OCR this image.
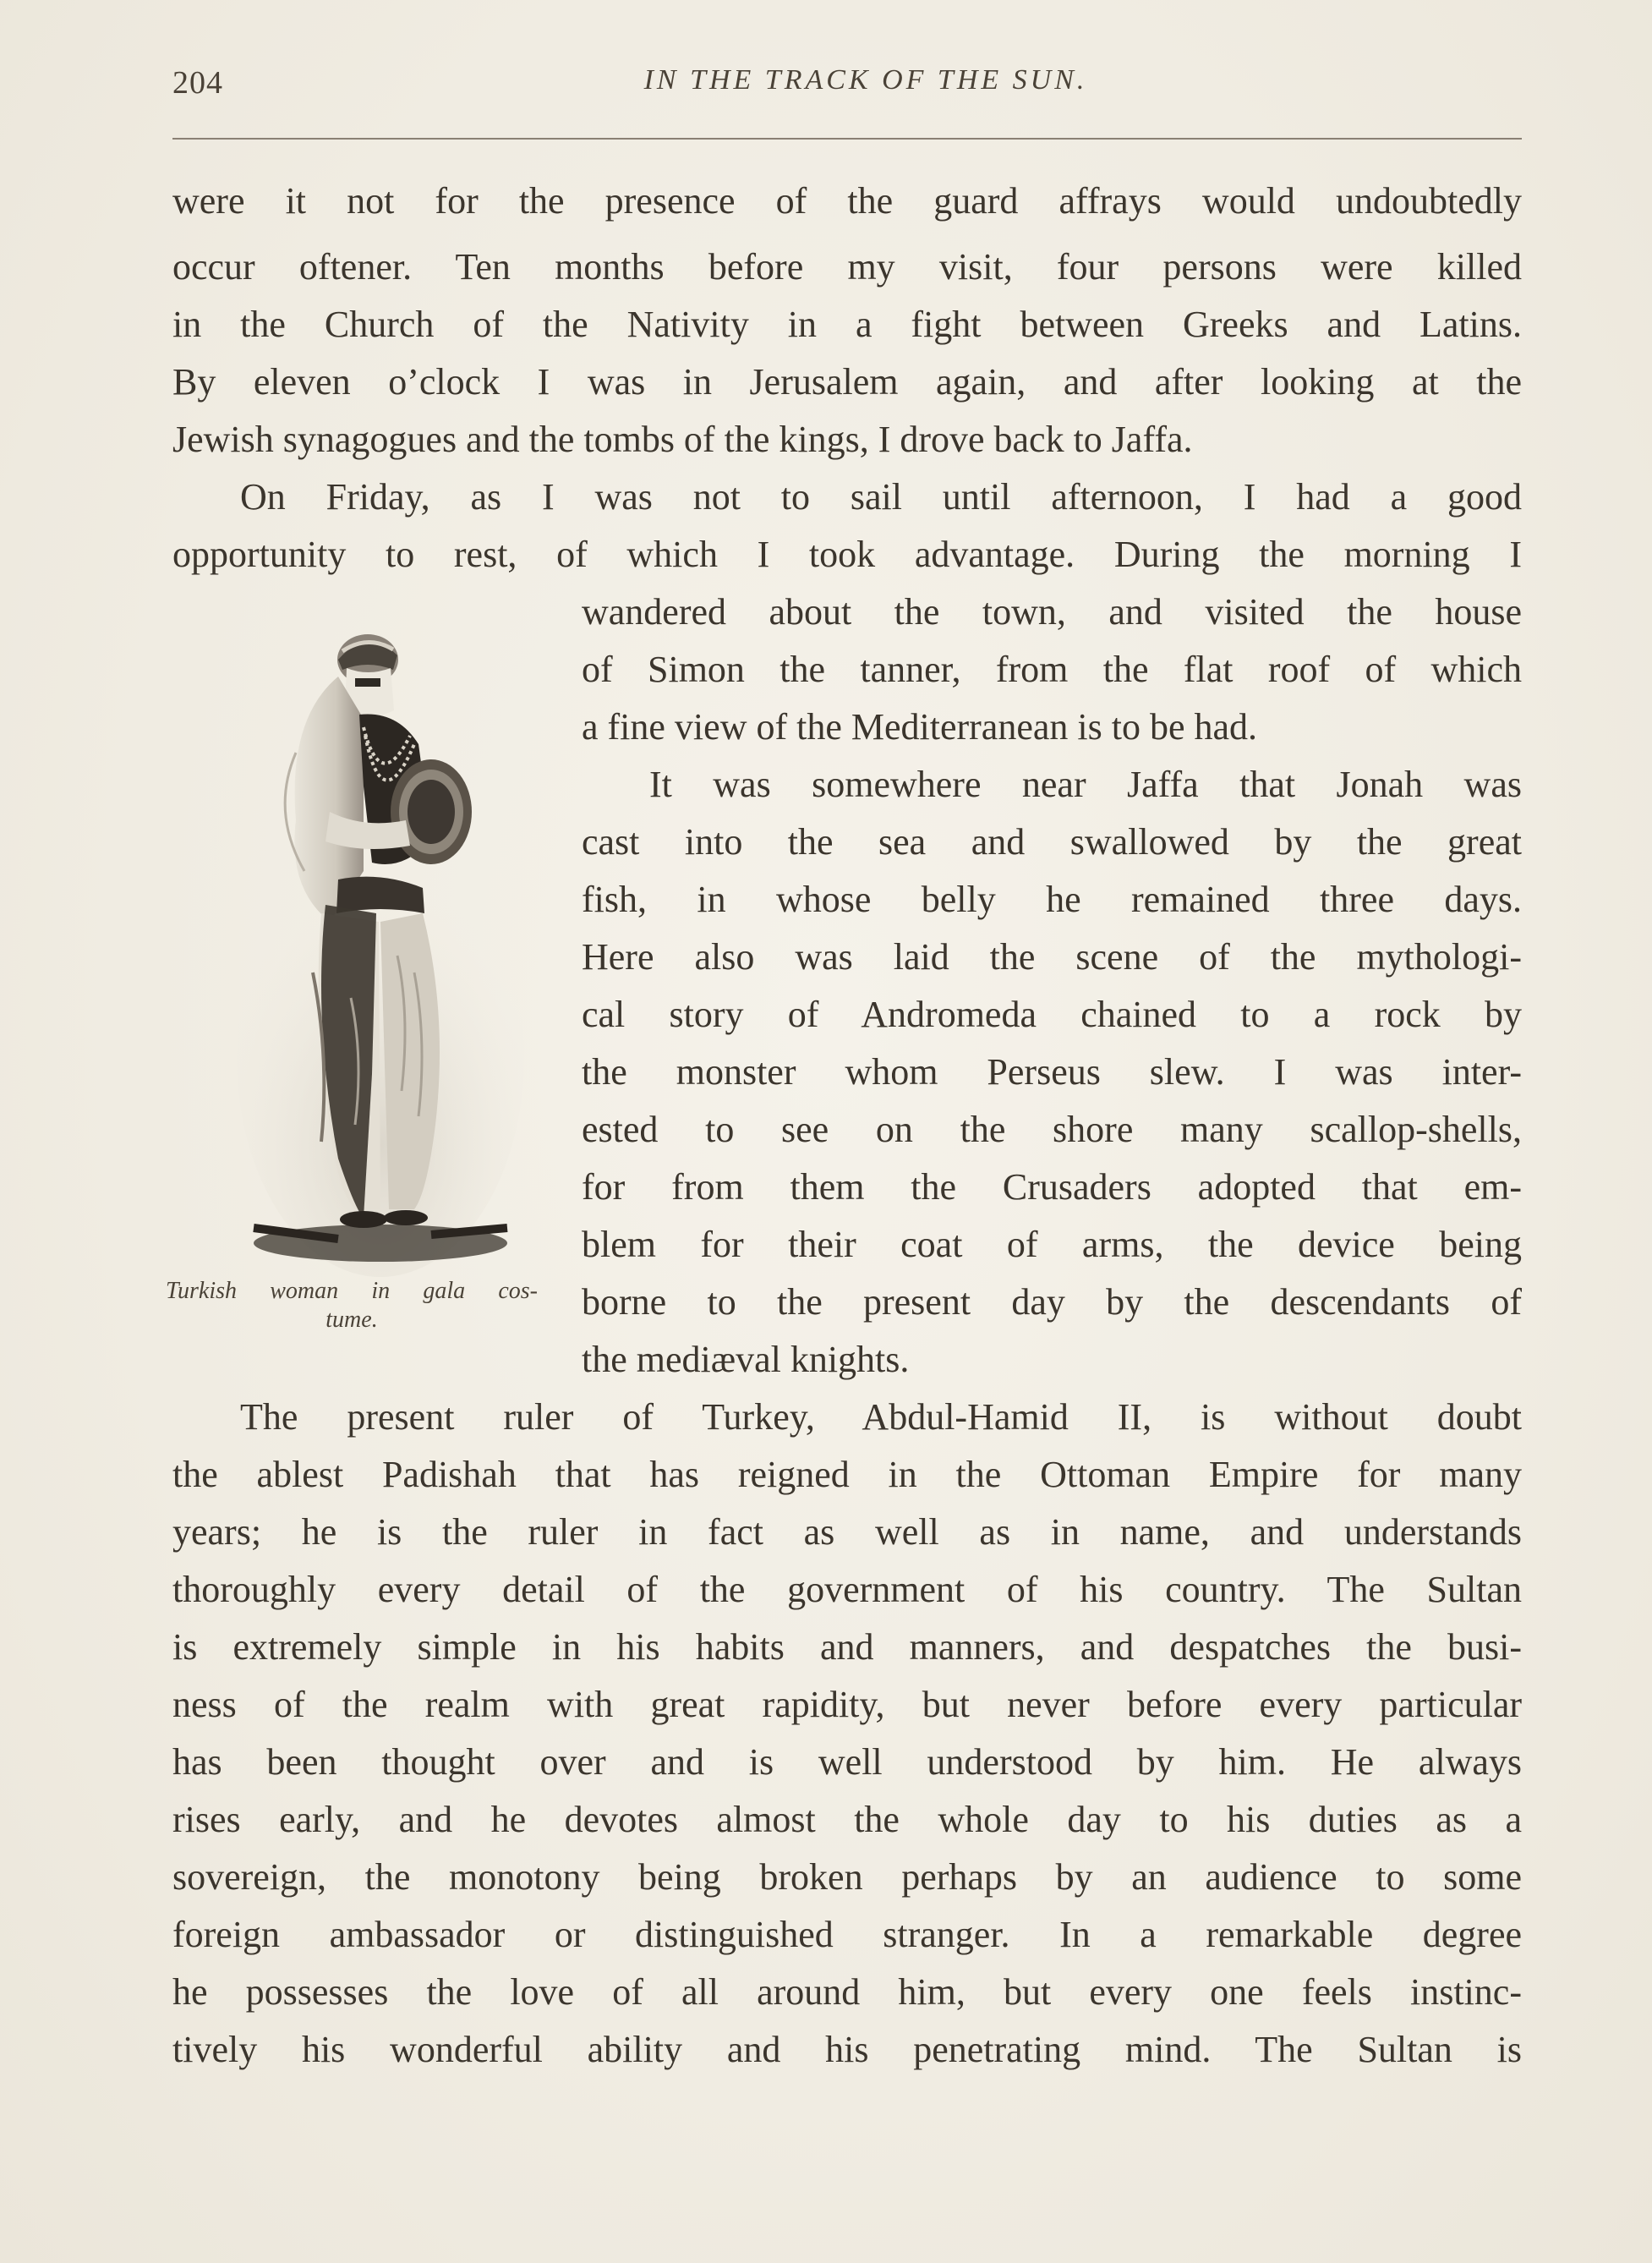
204	IN THE TRACK OF THE SUN.
were it not for the presence of the guard affrays would undoubtedly
occur oftener. Ten months before my visit, four persons were killed
in the Church of the Nativity in a fight between Greeks and Latins.
By eleven o’clock I was in Jerusalem again, and after looking at the
Jewish synagogues and the tombs of the kings, I drove back to Jaffa.
On Friday, as I was not to sail until afternoon, I had a good
opportunity to rest, of which I took advantage. During the morning I
wandered about the town, and visited the house
of Simon the tanner, from the flat roof of which
a fine view of the Mediterranean is to be had.
It was somewhere near Jaffa that Jonah was
cast into the sea and swallowed by the great
fish, in whose belly he remained three days.
Here also was laid the scene of the mythologi-
cal story of Andromeda chained to a rock by
the monster whom Perseus slew. I was inter-
ested to see on the shore many scallop-shells,
for from them the Crusaders adopted that em-
blem for their coat of arms, the device being
borne to the present day by the descendants of
the mediæval knights.
The present ruler of Turkey, Abdul-Hamid II, is without doubt
the ablest Padishah that has reigned in the Ottoman Empire for many
years; he is the ruler in fact as well as in name, and understands
thoroughly every detail of the government of his country. The Sultan
is extremely simple in his habits and manners, and despatches the busi-
ness of the realm with great rapidity, but never before every particular
has been thought over and is well understood by him. He always
rises early, and he devotes almost the whole day to his duties as a
sovereign, the monotony being broken perhaps by an audience to some
foreign ambassador or distinguished stranger. In a remarkable degree
he possesses the love of all around him, but every one feels instinc-
tively his wonderful ability and his penetrating mind. The Sultan is
Turkish woman in gala cos-
tume.
